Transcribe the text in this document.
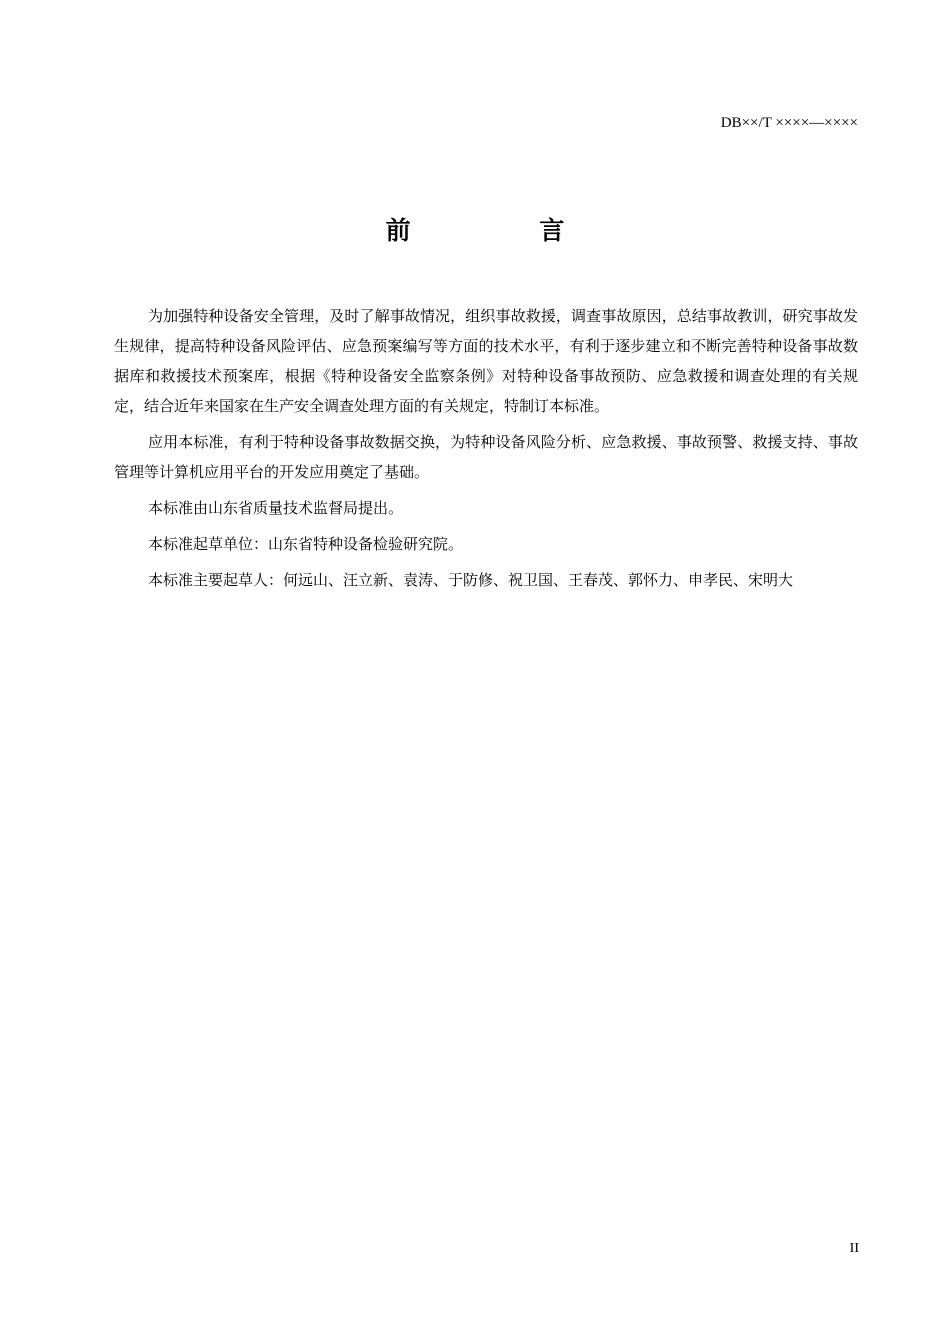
DB××/T ××××—××××
前 言

为加强特种设备安全管理，及时了解事故情况，组织事故救援，调查事故原因，总结事故教训，研究事故发生规律，提高特种设备风险评估、应急预案编写等方面的技术水平，有利于逐步建立和不断完善特种设备事故数据库和救援技术预案库，根据《特种设备安全监察条例》对特种设备事故预防、应急救援和调查处理的有关规定，结合近年来国家在生产安全调查处理方面的有关规定，特制订本标准。

应用本标准，有利于特种设备事故数据交换，为特种设备风险分析、应急救援、事故预警、救援支持、事故管理等计算机应用平台的开发应用奠定了基础。

本标准由山东省质量技术监督局提出。

本标准起草单位：山东省特种设备检验研究院。

本标准主要起草人：何远山、汪立新、袁涛、于防修、祝卫国、王春茂、郭怀力、申孝民、宋明大

II
